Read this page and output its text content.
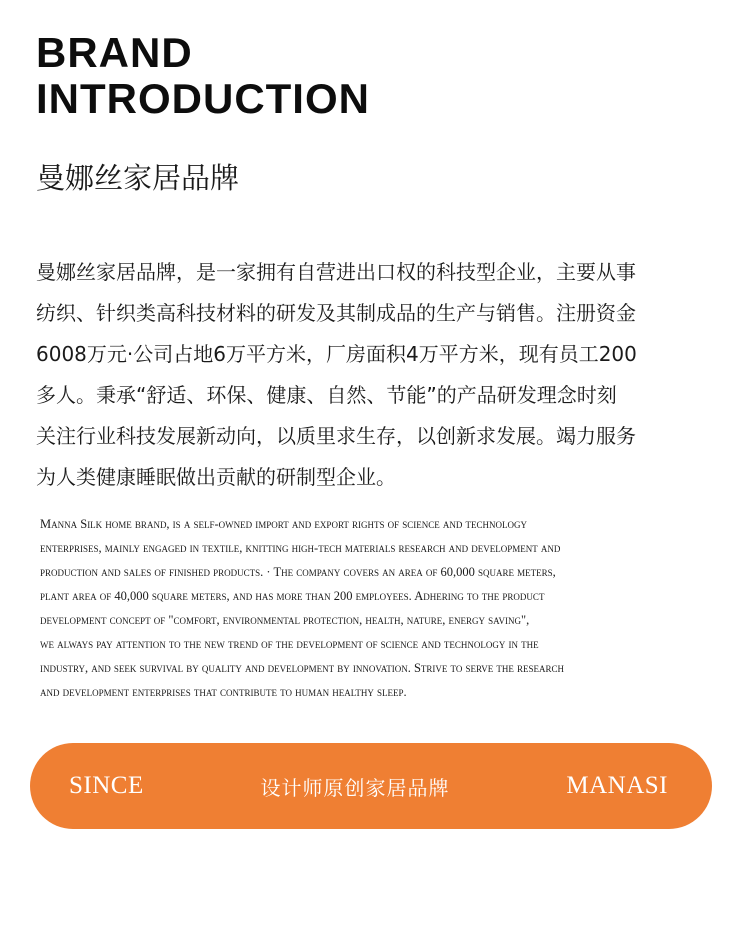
BRAND
INTRODUCTION
曼娜丝家居品牌
曼娜丝家居品牌，是一家拥有自营进出口权的科技型企业，主要从事
纺织、针织类高科技材料的研发及其制成品的生产与销售。注册资金
6008万元·公司占地6万平方米，厂房面积4万平方米，现有员工200
多人。秉承“舒适、环保、健康、自然、节能”的产品研发理念时刻
关注行业科技发展新动向，以质里求生存，以创新求发展。竭力服务
为人类健康睡眠做出贡献的研制型企业。
Manna Silk home brand, is a self-owned import and export rights of science and technology
enterprises, mainly engaged in textile, knitting high-tech materials research and development and
production and sales of finished products. · The company covers an area of 60,000 square meters,
plant area of 40,000 square meters, and has more than 200 employees. Adhering to the product
development concept of "comfort, environmental protection, health, nature, energy saving",
we always pay attention to the new trend of the development of science and technology in the
industry, and seek survival by quality and development by innovation. Strive to serve the research
and development enterprises that contribute to human healthy sleep.
SINCE	设计师原创家居品牌	MANASI
